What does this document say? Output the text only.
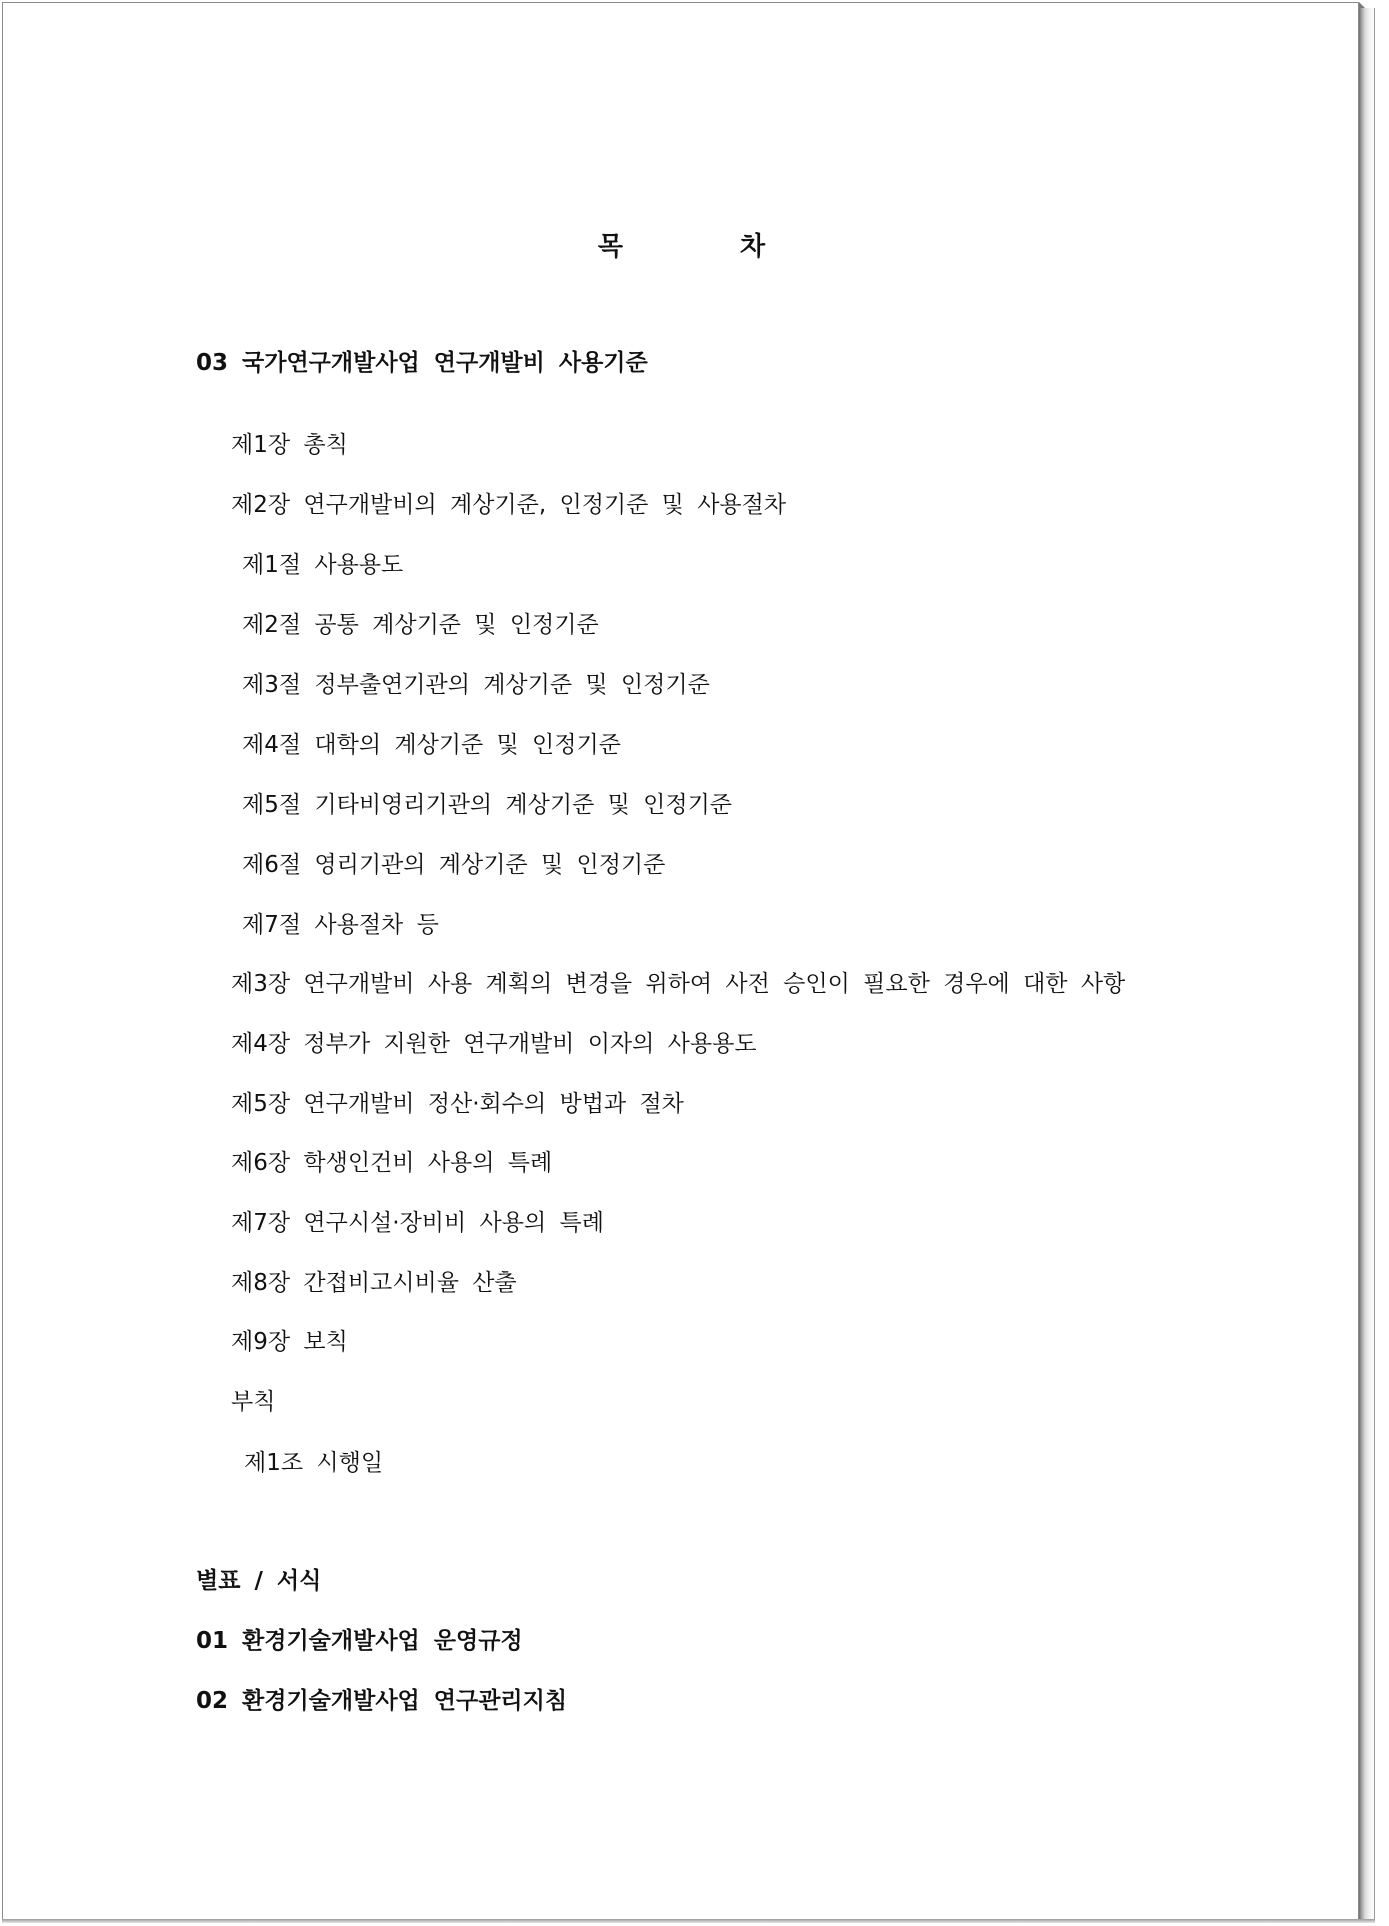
목 차
03 국가연구개발사업 연구개발비 사용기준
제1장 총칙
제2장 연구개발비의 계상기준, 인정기준 및 사용절차
제1절 사용용도
제2절 공통 계상기준 및 인정기준
제3절 정부출연기관의 계상기준 및 인정기준
제4절 대학의 계상기준 및 인정기준
제5절 기타비영리기관의 계상기준 및 인정기준
제6절 영리기관의 계상기준 및 인정기준
제7절 사용절차 등
제3장 연구개발비 사용 계획의 변경을 위하여 사전 승인이 필요한 경우에 대한 사항
제4장 정부가 지원한 연구개발비 이자의 사용용도
제5장 연구개발비 정산·회수의 방법과 절차
제6장 학생인건비 사용의 특례
제7장 연구시설·장비비 사용의 특례
제8장 간접비고시비율 산출
제9장 보칙
부칙
제1조 시행일
별표 / 서식
01 환경기술개발사업 운영규정
02 환경기술개발사업 연구관리지침
